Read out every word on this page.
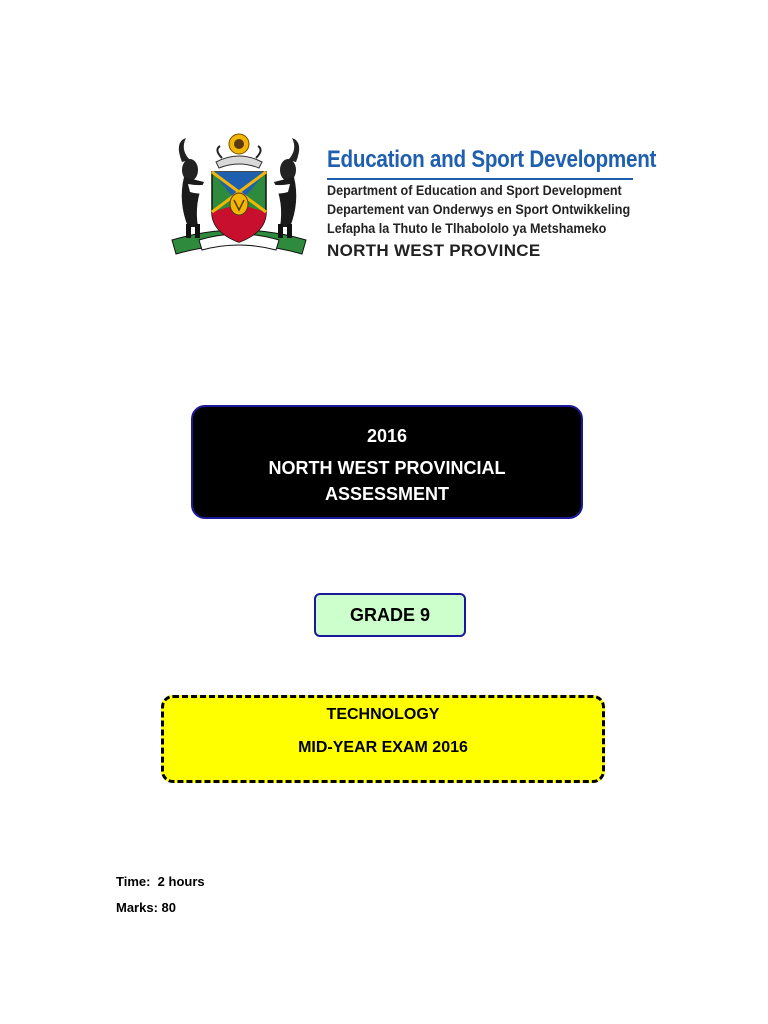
Education and Sport Development
Department of Education and Sport Development
Departement van Onderwys en Sport Ontwikkeling
Lefapha la Thuto le Tlhabololo ya Metshameko
NORTH WEST PROVINCE
2016
NORTH WEST PROVINCIAL
ASSESSMENT
GRADE 9
TECHNOLOGY
MID-YEAR EXAM 2016
Time: 2 hours
Marks: 80
